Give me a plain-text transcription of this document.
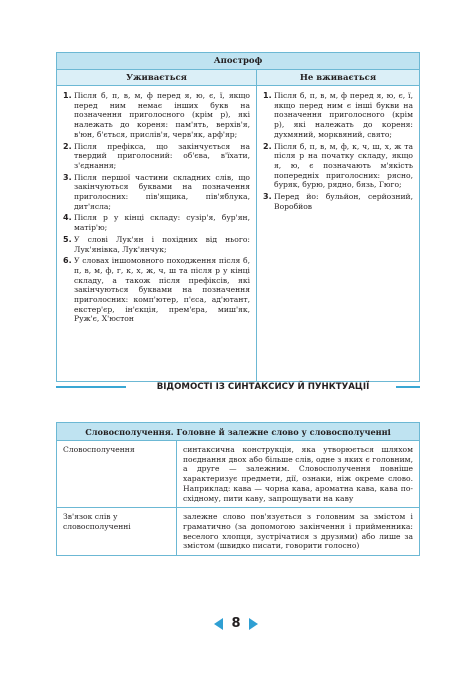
Апостроф
Уживається	Не вживається
1. Після б, п, в, м, ф перед я, ю, є, ї, якщо перед ним немає інших букв на позначення приголосного (крім р), які належать до кореня: пам'ять, верхів'я, в'юн, б'ється, прислів'я, черв'як, арф'яр;
2. Після префікса, що закінчується на твердий приголосний: об'єва, в'їхати, з'єднання;
3. Після першої частини складних слів, що закінчуються буквами на позначення приголосних: пів'ящика, пів'яблука, дит'ясла;
4. Після р у кінці складу: сузір'я, бур'ян, матір'ю;
5. У слові Лук'ян і похідних від нього: Лук'янівка, Лук'янчук;
6. У словах іншомовного походження після б, п, в, м, ф, г, к, х, ж, ч, ш та після р у кінці складу, а також після префіксів, які закінчуються буквами на позначення приголосних: комп'ютер, п'єса, ад'ютант, екстер'єр, ін'єкція, прем'єра, миш'як, Руж'є, Х'юстон
1. Після б, п, в, м, ф перед я, ю, є, ї, якщо перед ним є інші букви на позначення приголосного (крім р), які належать до кореня: духмяний, морквяний, свято;
2. Після б, п, в, м, ф, к, ч, ш, х, ж та після р на початку складу, якщо я, ю, є позначають м'якість попередніх приголосних: рясно, буряк, бурю, рядно, бязь, Гюго;
3. Перед йо: бульйон, серйозний, Воробйов
ВІДОМОСТІ ІЗ СИНТАКСИСУ Й ПУНКТУАЦІЇ
Словосполучення. Головне й залежне слово у словосполученні
Словосполучення	синтаксична конструкція, яка утворюється шляхом поєднання двох або більше слів, одне з яких є головним, а друге — залежним. Словосполучення повніше характеризує предмети, дії, ознаки, ніж окреме слово. Наприклад: кава — чорна кава, ароматна кава, кава по-східному, пити каву, запрошувати на каву
Зв'язок слів у словосполученні
залежне слово пов'язується з головним за змістом і граматично (за допомогою закінчення і прийменника: веселого хлопця, зустрічатися з друзями) або лише за змістом (швидко писати, говорити голосно)
8
